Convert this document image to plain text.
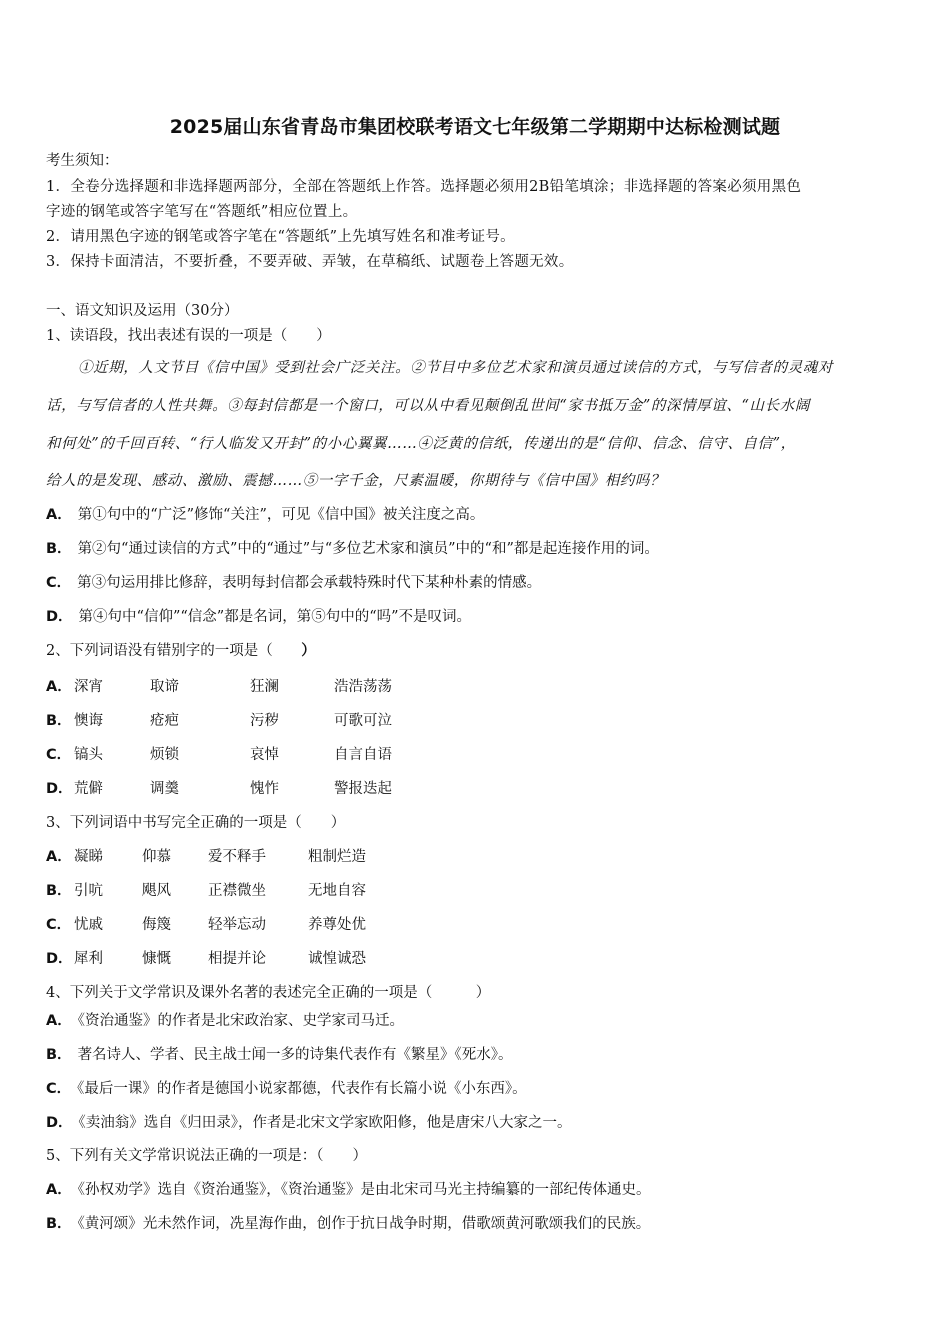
2025届山东省青岛市集团校联考语文七年级第二学期期中达标检测试题
考生须知：
1．全卷分选择题和非选择题两部分，全部在答题纸上作答。选择题必须用2B铅笔填涂；非选择题的答案必须用黑色
字迹的钢笔或答字笔写在“答题纸”相应位置上。
2．请用黑色字迹的钢笔或答字笔在“答题纸”上先填写姓名和准考证号。
3．保持卡面清洁，不要折叠，不要弄破、弄皱，在草稿纸、试题卷上答题无效。
一、语文知识及运用（30分）
1、读语段，找出表述有误的一项是（　　）
①近期，人文节目《信中国》受到社会广泛关注。②节目中多位艺术家和演员通过读信的方式，与写信者的灵魂对
话，与写信者的人性共舞。③每封信都是一个窗口，可以从中看见颠倒乱世间“家书抵万金”的深情厚谊、“山长水阔
和何处”的千回百转、“行人临发又开封”的小心翼翼……④泛黄的信纸，传递出的是“信仰、信念、信守、自信”，
给人的是发现、感动、激励、震撼……⑤一字千金，尺素温暖，你期待与《信中国》相约吗？
A． 第①句中的“广泛”修饰“关注”，可见《信中国》被关注度之高。
B． 第②句“通过读信的方式”中的“通过”与“多位艺术家和演员”中的“和”都是起连接作用的词。
C． 第③句运用排比修辞，表明每封信都会承载特殊时代下某种朴素的情感。
D． 第④句中“信仰”“信念”都是名词，第⑤句中的“吗”不是叹词。
2、下列词语没有错别字的一项是（　）
A． 深宵	取谛	狂澜	浩浩荡荡
B． 懊诲	疮疤	污秽	可歌可泣
C． 镐头	烦锁	哀悼	自言自语
D． 荒僻	调羹	愧怍	警报迭起
3、下列词语中书写完全正确的一项是（　　）
A． 凝睇	仰慕	爱不释手	粗制烂造
B． 引吭	飓风	正襟微坐	无地自容
C． 忧戚	侮篾	轻举忘动	养尊处优
D． 犀利	慷慨	相提并论	诚惶诚恐
4、下列关于文学常识及课外名著的表述完全正确的一项是（　　　）
A． 《资治通鉴》的作者是北宋政治家、史学家司马迁。
B． 著名诗人、学者、民主战士闻一多的诗集代表作有《繁星》《死水》。
C． 《最后一课》的作者是德国小说家都德，代表作有长篇小说《小东西》。
D． 《卖油翁》选自《归田录》，作者是北宋文学家欧阳修，他是唐宋八大家之一。
5、下列有关文学常识说法正确的一项是：（　　）
A． 《孙权劝学》选自《资治通鉴》，《资治通鉴》是由北宋司马光主持编纂的一部纪传体通史。
B． 《黄河颂》光未然作词，冼星海作曲，创作于抗日战争时期，借歌颂黄河歌颂我们的民族。
